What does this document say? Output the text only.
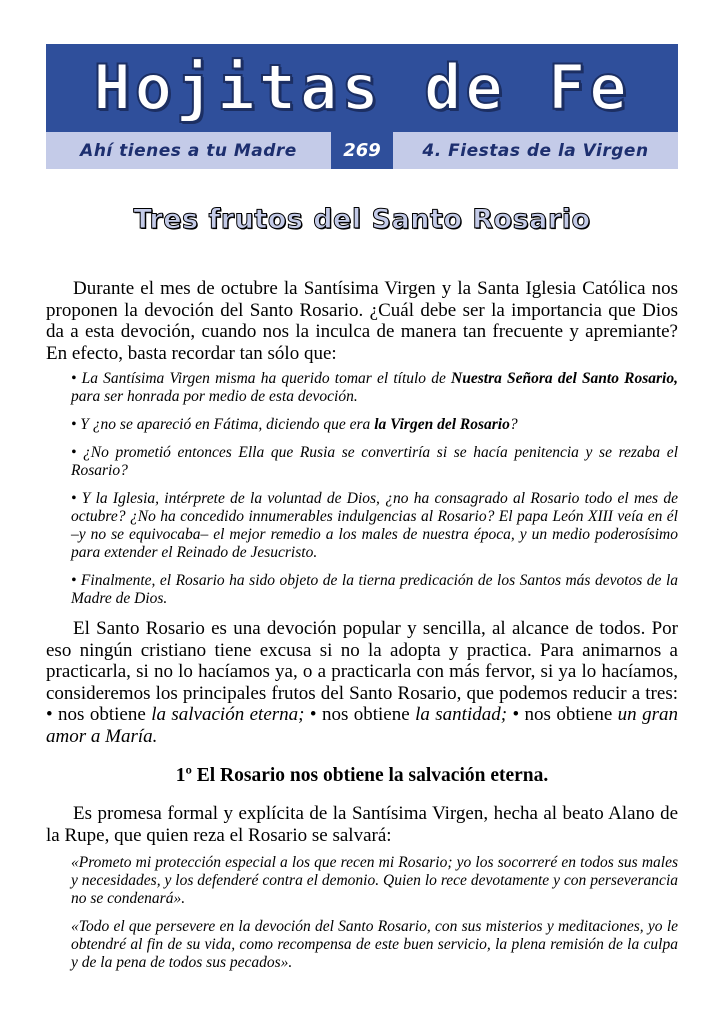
Hojitas de Fe
Ahí tienes a tu Madre	269	4. Fiestas de la Virgen
Tres frutos del Santo Rosario

Durante el mes de octubre la Santísima Virgen y la Santa Iglesia Católica nos proponen la devoción del Santo Rosario. ¿Cuál debe ser la importancia que Dios da a esta devoción, cuando nos la inculca de manera tan frecuente y apremiante? En efecto, basta recordar tan sólo que:

• La Santísima Virgen misma ha querido tomar el título de Nuestra Señora del Santo Rosario, para ser honrada por medio de esta devoción.

• Y ¿no se apareció en Fátima, diciendo que era la Virgen del Rosario?

• ¿No prometió entonces Ella que Rusia se convertiría si se hacía penitencia y se rezaba el Rosario?

• Y la Iglesia, intérprete de la voluntad de Dios, ¿no ha consagrado al Rosario todo el mes de octubre? ¿No ha concedido innumerables indulgencias al Rosario? El papa León XIII veía en él –y no se equivocaba– el mejor remedio a los males de nuestra época, y un medio poderosísimo para extender el Reinado de Jesucristo.

• Finalmente, el Rosario ha sido objeto de la tierna predicación de los Santos más devotos de la Madre de Dios.

El Santo Rosario es una devoción popular y sencilla, al alcance de todos. Por eso ningún cristiano tiene excusa si no la adopta y practica. Para animarnos a practicarla, si no lo hacíamos ya, o a practicarla con más fervor, si ya lo hacíamos, consideremos los principales frutos del Santo Rosario, que podemos reducir a tres: • nos obtiene la salvación eterna; • nos obtiene la santidad; • nos obtiene un gran amor a María.

1º El Rosario nos obtiene la salvación eterna.

Es promesa formal y explícita de la Santísima Virgen, hecha al beato Alano de la Rupe, que quien reza el Rosario se salvará:

«Prometo mi protección especial a los que recen mi Rosario; yo los socorreré en todos sus males y necesidades, y los defenderé contra el demonio. Quien lo rece devotamente y con perseverancia no se condenará».

«Todo el que persevere en la devoción del Santo Rosario, con sus misterios y meditaciones, yo le obtendré al fin de su vida, como recompensa de este buen servicio, la plena remisión de la culpa y de la pena de todos sus pecados».
